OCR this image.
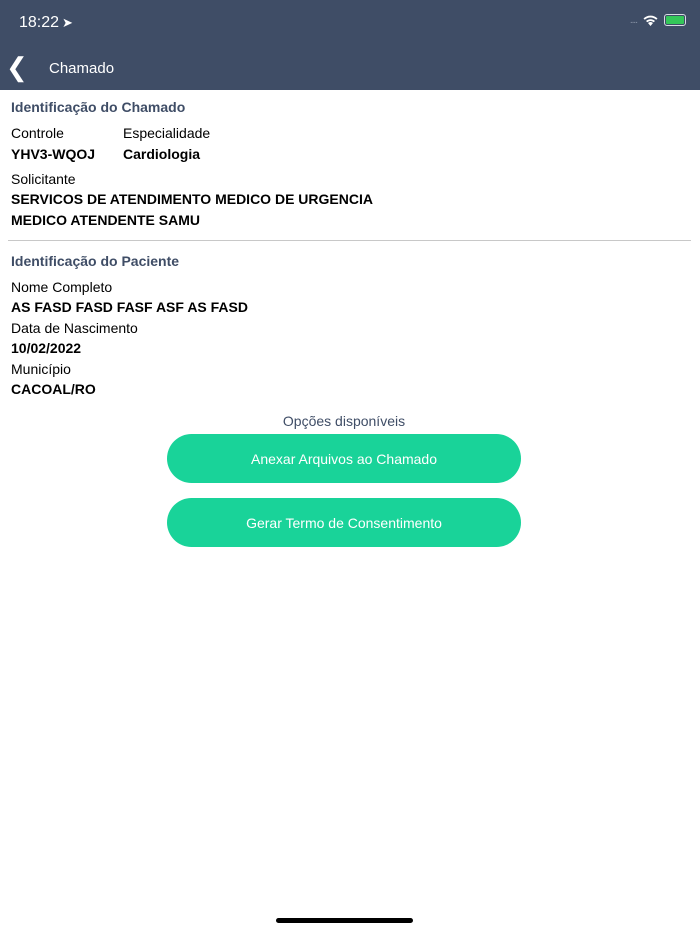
18:22 ➤	....
❮ Chamado
Identificação do Chamado
Controle
YHV3-WQOJ
Especialidade
Cardiologia
Solicitante
SERVICOS DE ATENDIMENTO MEDICO DE URGENCIA
MEDICO ATENDENTE SAMU
Identificação do Paciente
Nome Completo
AS FASD FASD FASF ASF AS FASD
Data de Nascimento
10/02/2022
Município
CACOAL/RO
Opções disponíveis
Anexar Arquivos ao Chamado
Gerar Termo de Consentimento
